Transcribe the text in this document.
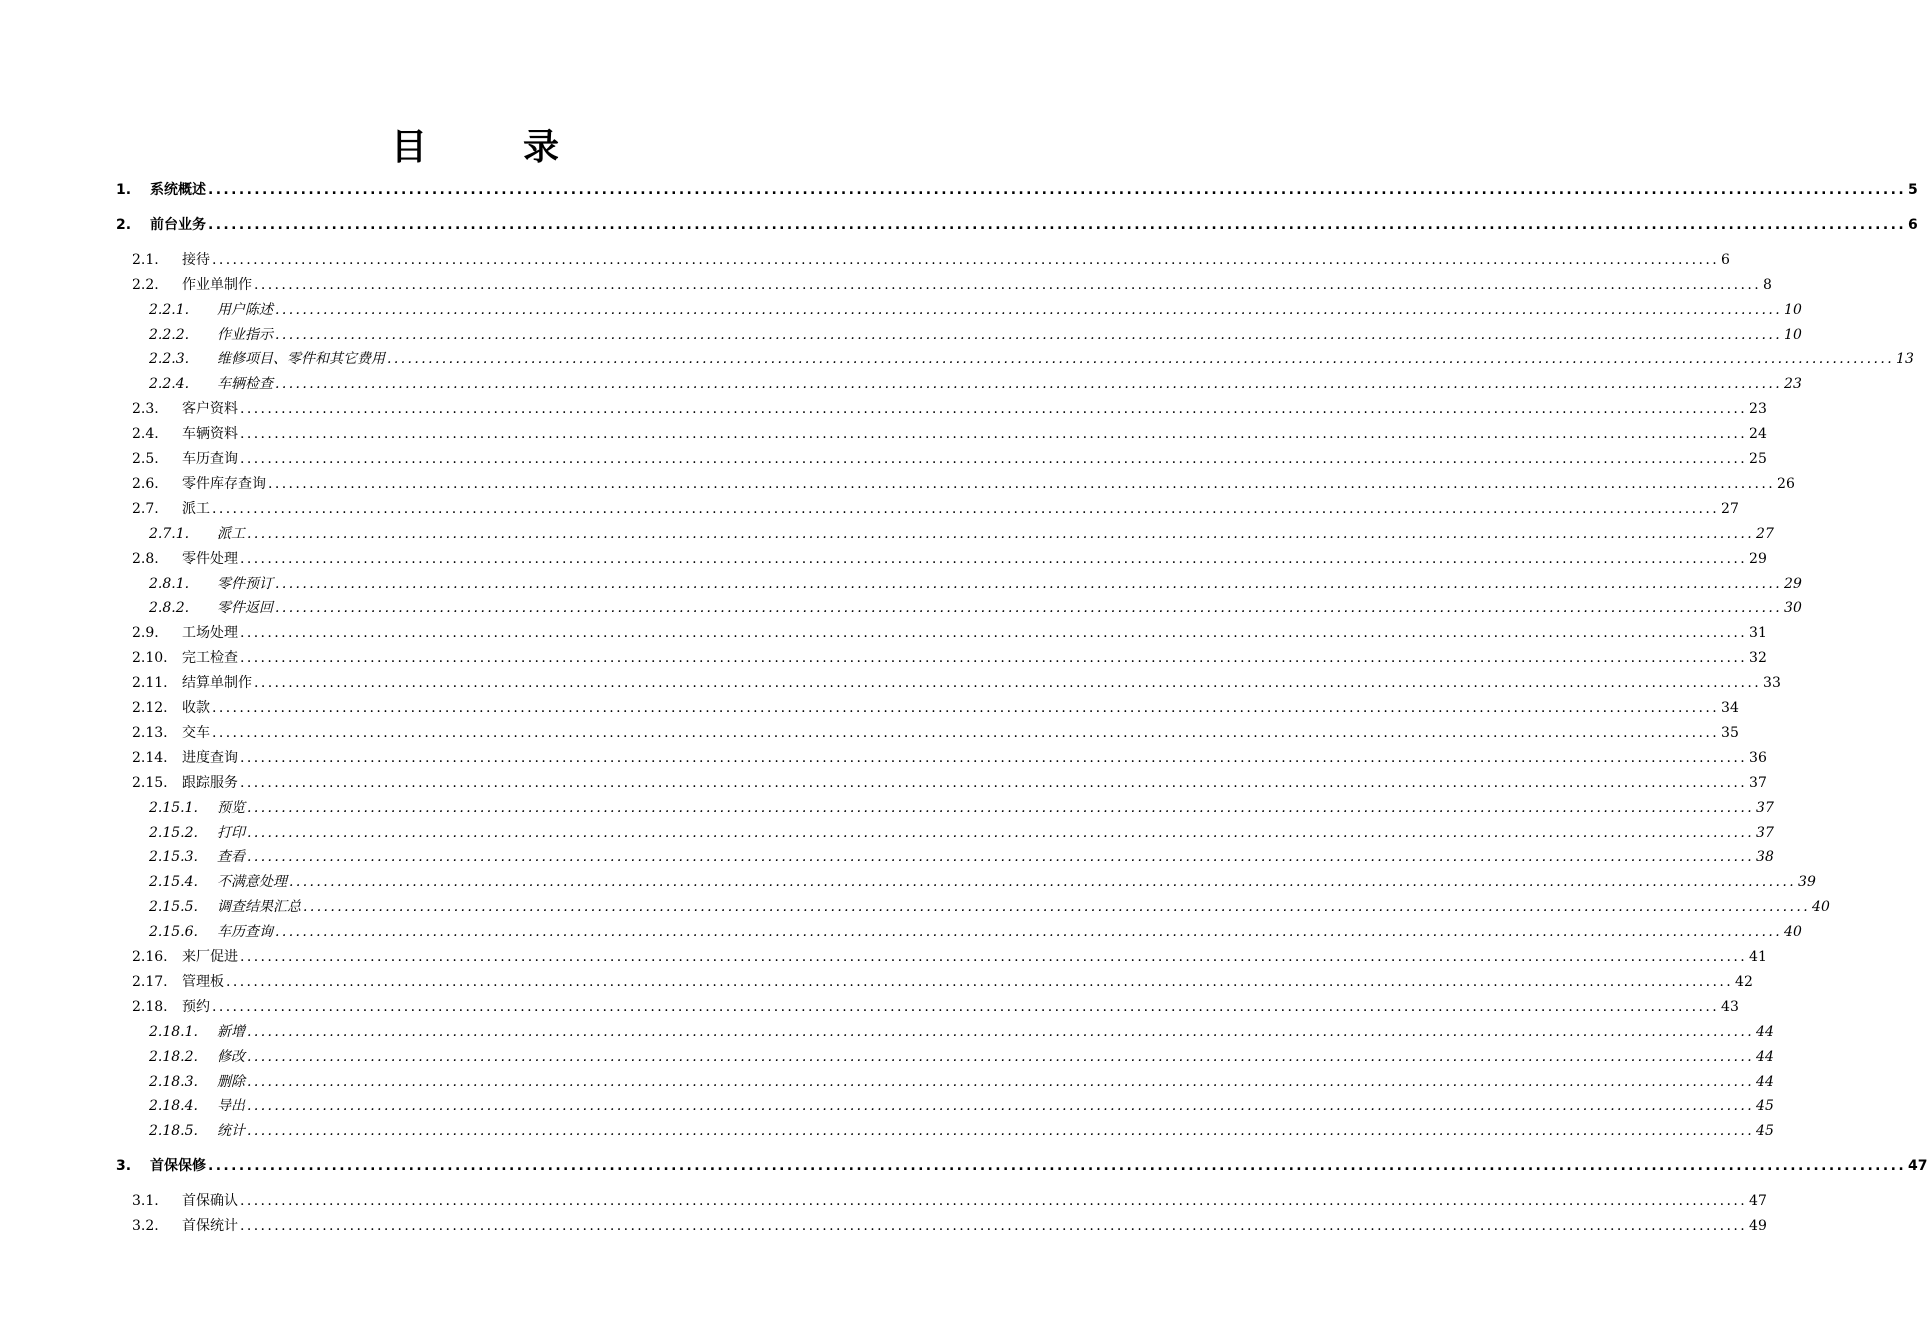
目　录
1.	系统概述 ............................................................................................................................................................................................................................ 5
2.	前台业务 ............................................................................................................................................................................................................................ 6
2.1.	接待 ............................................................................................................................................................................................................................ 6
2.2.	作业单制作 ............................................................................................................................................................................................................................ 8
2.2.1.	用户陈述 ............................................................................................................................................................................................................................ 10
2.2.2.	作业指示 ............................................................................................................................................................................................................................ 10
2.2.3.	维修项目、零件和其它费用 ............................................................................................................................................................................................................................ 13
2.2.4.	车辆检查 ............................................................................................................................................................................................................................ 23
2.3.	客户资料 ............................................................................................................................................................................................................................ 23
2.4.	车辆资料 ............................................................................................................................................................................................................................ 24
2.5.	车历查询 ............................................................................................................................................................................................................................ 25
2.6.	零件库存查询 ............................................................................................................................................................................................................................ 26
2.7.	派工 ............................................................................................................................................................................................................................ 27
2.7.1.	派工 ............................................................................................................................................................................................................................ 27
2.8.	零件处理 ............................................................................................................................................................................................................................ 29
2.8.1.	零件预订 ............................................................................................................................................................................................................................ 29
2.8.2.	零件返回 ............................................................................................................................................................................................................................ 30
2.9.	工场处理 ............................................................................................................................................................................................................................ 31
2.10.	完工检查 ............................................................................................................................................................................................................................ 32
2.11.	结算单制作 ............................................................................................................................................................................................................................ 33
2.12.	收款 ............................................................................................................................................................................................................................ 34
2.13.	交车 ............................................................................................................................................................................................................................ 35
2.14.	进度查询 ............................................................................................................................................................................................................................ 36
2.15.	跟踪服务 ............................................................................................................................................................................................................................ 37
2.15.1.	预览 ............................................................................................................................................................................................................................ 37
2.15.2.	打印 ............................................................................................................................................................................................................................ 37
2.15.3.	查看 ............................................................................................................................................................................................................................ 38
2.15.4.	不满意处理 ............................................................................................................................................................................................................................ 39
2.15.5.	调查结果汇总 ............................................................................................................................................................................................................................ 40
2.15.6.	车历查询 ............................................................................................................................................................................................................................ 40
2.16.	来厂促进 ............................................................................................................................................................................................................................ 41
2.17.	管理板 ............................................................................................................................................................................................................................ 42
2.18.	预约 ............................................................................................................................................................................................................................ 43
2.18.1.	新增 ............................................................................................................................................................................................................................ 44
2.18.2.	修改 ............................................................................................................................................................................................................................ 44
2.18.3.	删除 ............................................................................................................................................................................................................................ 44
2.18.4.	导出 ............................................................................................................................................................................................................................ 45
2.18.5.	统计 ............................................................................................................................................................................................................................ 45
3.	首保保修 ............................................................................................................................................................................................................................ 47
3.1.	首保确认 ............................................................................................................................................................................................................................ 47
3.2.	首保统计 ............................................................................................................................................................................................................................ 49
